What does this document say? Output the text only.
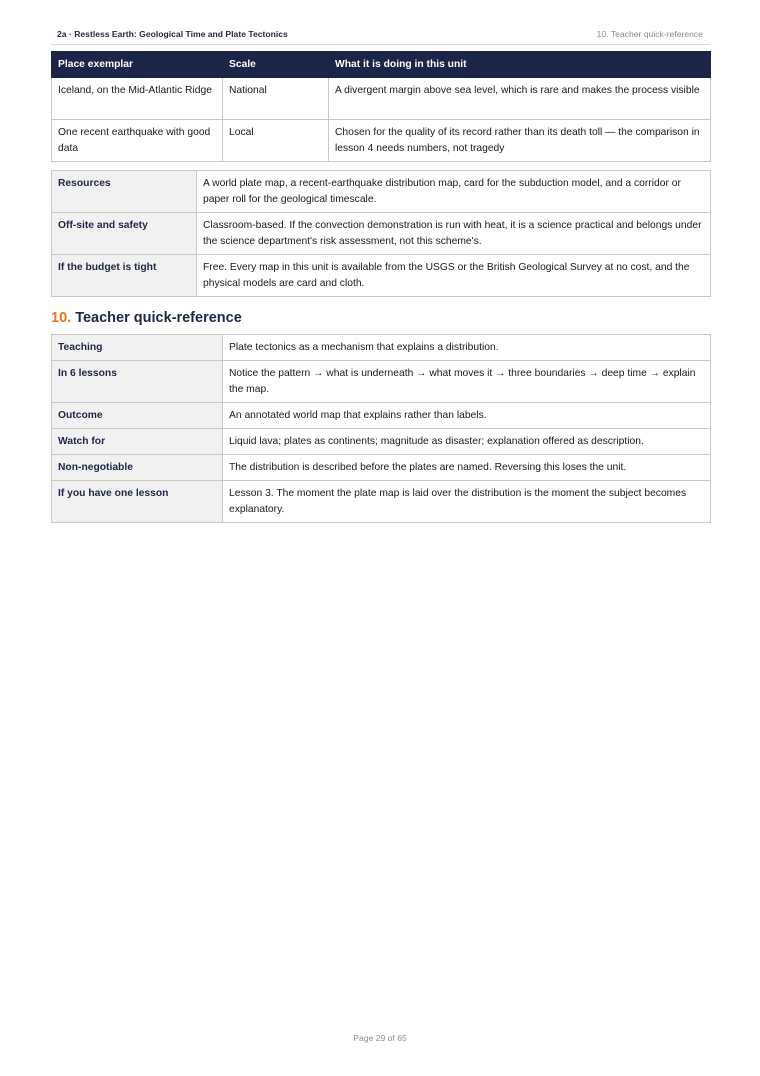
2a · Restless Earth: Geological Time and Plate Tectonics	10. Teacher quick-reference
Place exemplar	Scale	What it is doing in this unit
Iceland, on the Mid-Atlantic Ridge	National	A divergent margin above sea level, which is rare and makes the process visible
One recent earthquake with good data	Local	Chosen for the quality of its record rather than its death toll — the comparison in lesson 4 needs numbers, not tragedy
Resources	A world plate map, a recent-earthquake distribution map, card for the subduction model, and a corridor or paper roll for the geological timescale.
Off-site and safety	Classroom-based. If the convection demonstration is run with heat, it is a science practical and belongs under the science department's risk assessment, not this scheme's.
If the budget is tight	Free. Every map in this unit is available from the USGS or the British Geological Survey at no cost, and the physical models are card and cloth.
10. Teacher quick-reference
Teaching	Plate tectonics as a mechanism that explains a distribution.
In 6 lessons	Notice the pattern → what is underneath → what moves it → three boundaries → deep time → explain the map.
Outcome	An annotated world map that explains rather than labels.
Watch for	Liquid lava; plates as continents; magnitude as disaster; explanation offered as description.
Non-negotiable	The distribution is described before the plates are named. Reversing this loses the unit.
If you have one lesson	Lesson 3. The moment the plate map is laid over the distribution is the moment the subject becomes explanatory.
Page 29 of 65
